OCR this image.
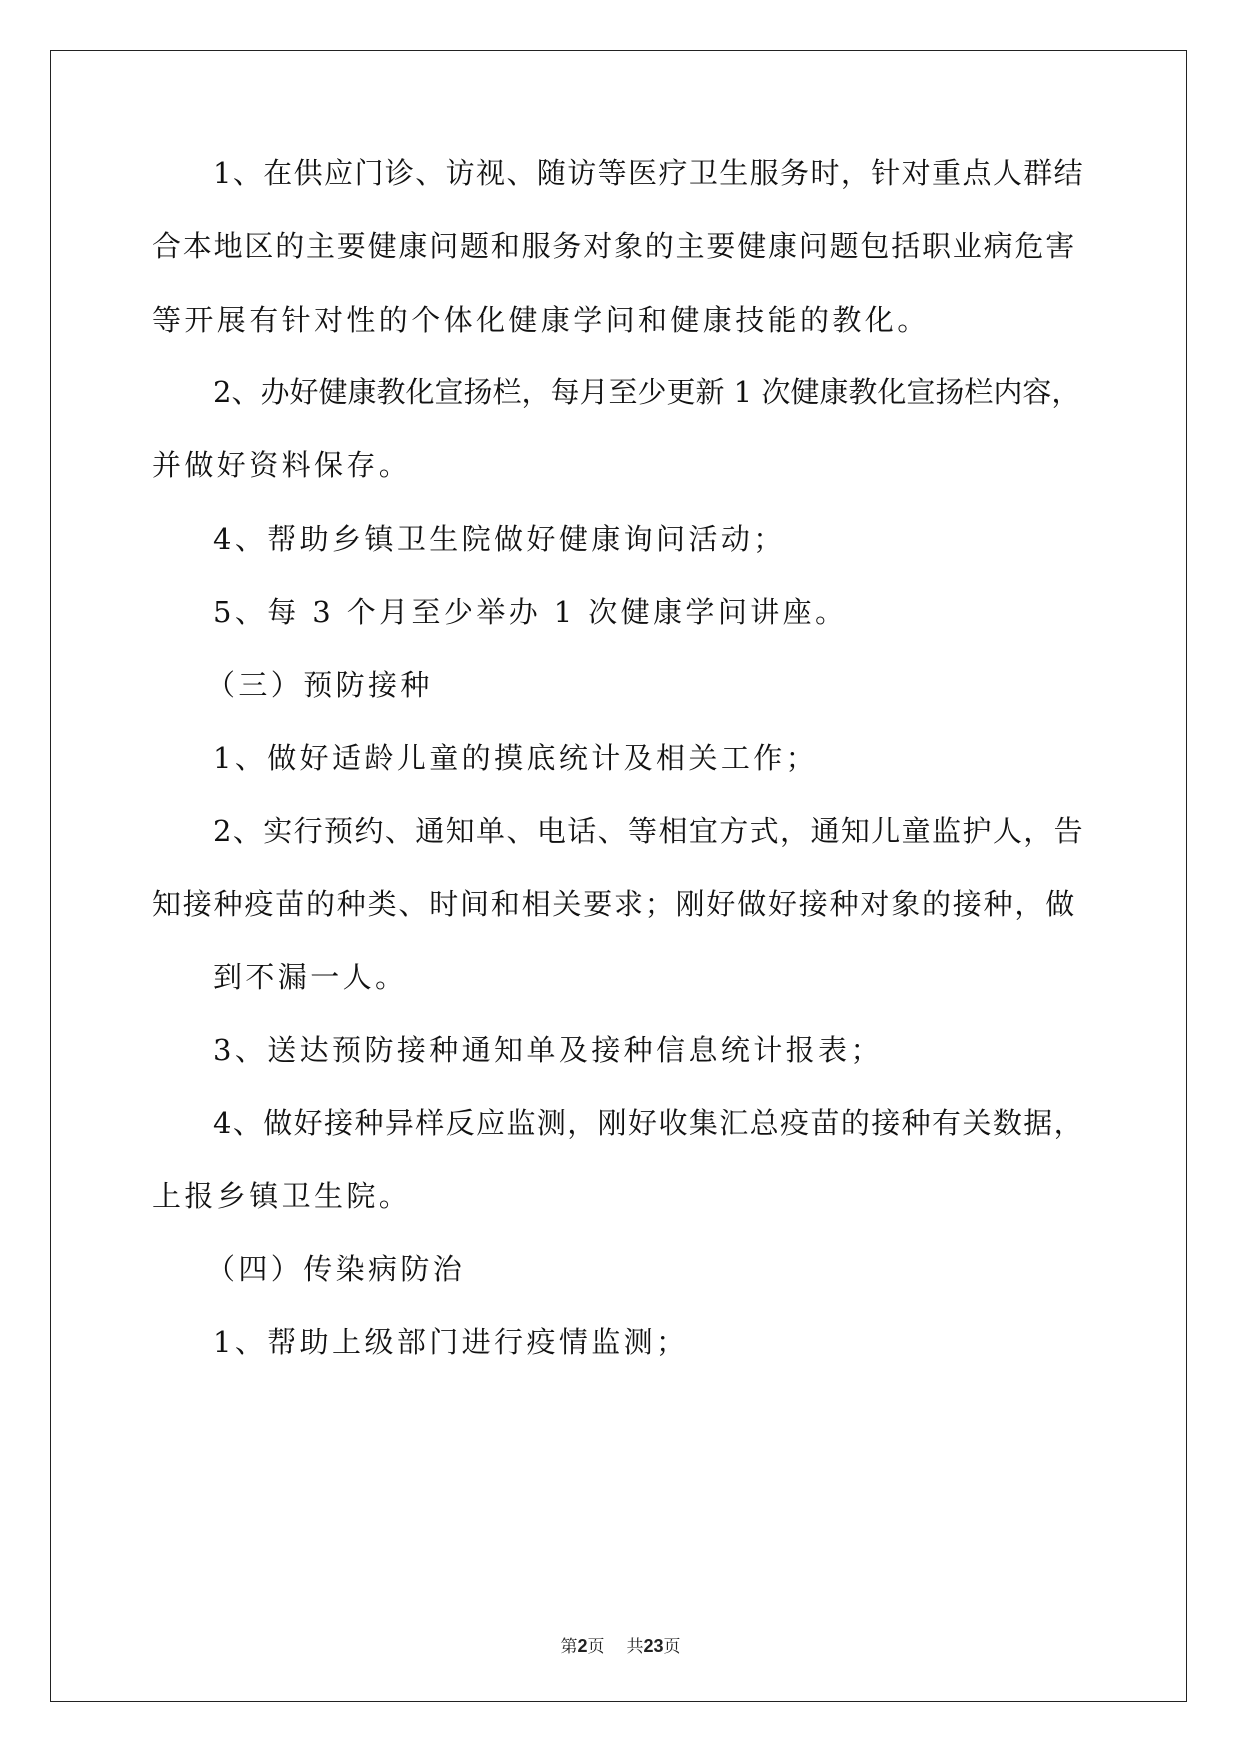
1、在供应门诊、访视、随访等医疗卫生服务时，针对重点人群结
合本地区的主要健康问题和服务对象的主要健康问题包括职业病危害
等开展有针对性的个体化健康学问和健康技能的教化。
2、办好健康教化宣扬栏，每月至少更新 1 次健康教化宣扬栏内容，
并做好资料保存。
4、帮助乡镇卫生院做好健康询问活动；
5、每 3 个月至少举办 1 次健康学问讲座。
（三）预防接种
1、做好适龄儿童的摸底统计及相关工作；
2、实行预约、通知单、电话、等相宜方式，通知儿童监护人，告
知接种疫苗的种类、时间和相关要求；刚好做好接种对象的接种，做
到不漏一人。
3、送达预防接种通知单及接种信息统计报表；
4、做好接种异样反应监测，刚好收集汇总疫苗的接种有关数据，
上报乡镇卫生院。
（四）传染病防治
1、帮助上级部门进行疫情监测；
第2页 共23页
